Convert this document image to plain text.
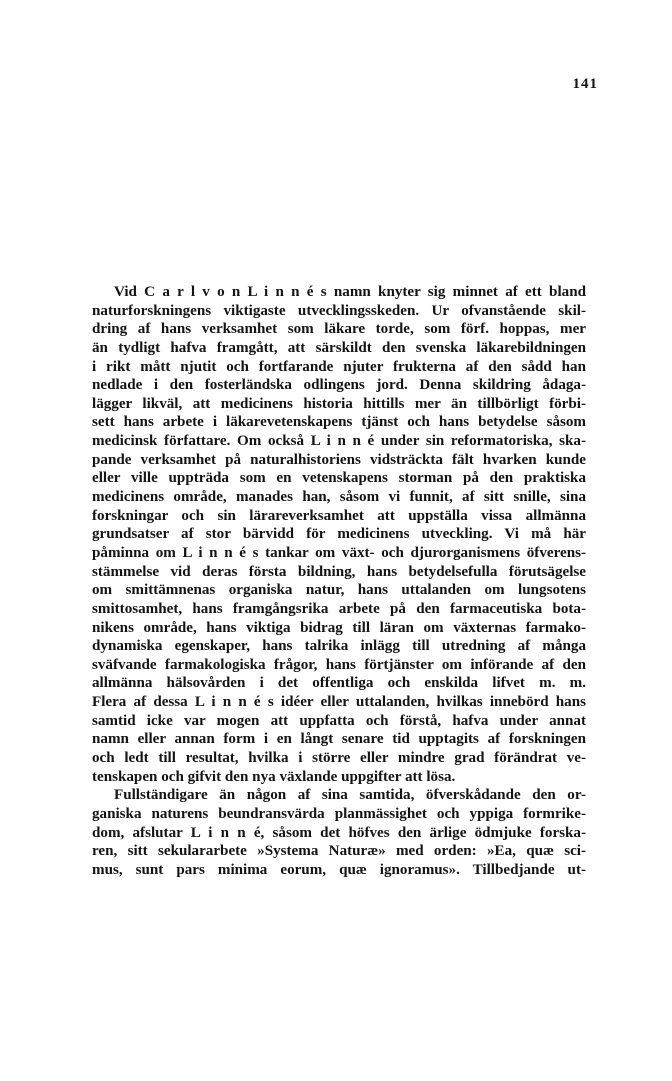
141
Vid C a r l v o n L i n n é s namn knyter sig minnet af ett bland
naturforskningens viktigaste utvecklingsskeden. Ur ofvanstående skil-
dring af hans verksamhet som läkare torde, som förf. hoppas, mer
än tydligt hafva framgått, att särskildt den svenska läkarebildningen
i rikt mått njutit och fortfarande njuter frukterna af den sådd han
nedlade i den fosterländska odlingens jord. Denna skildring ådaga-
lägger likväl, att medicinens historia hittills mer än tillbörligt förbi-
sett hans arbete i läkarevetenskapens tjänst och hans betydelse såsom
medicinsk författare. Om också L i n n é under sin reformatoriska, ska-
pande verksamhet på naturalhistoriens vidsträckta fält hvarken kunde
eller ville uppträda som en vetenskapens storman på den praktiska
medicinens område, manades han, såsom vi funnit, af sitt snille, sina
forskningar och sin lärareverksamhet att uppställa vissa allmänna
grundsatser af stor bärvidd för medicinens utveckling. Vi må här
påminna om L i n n é s tankar om växt- och djurorganismens öfverens-
stämmelse vid deras första bildning, hans betydelsefulla förutsägelse
om smittämnenas organiska natur, hans uttalanden om lungsotens
smittosamhet, hans framgångsrika arbete på den farmaceutiska bota-
nikens område, hans viktiga bidrag till läran om växternas farmako-
dynamiska egenskaper, hans talrika inlägg till utredning af många
sväfvande farmakologiska frågor, hans förtjänster om införande af den
allmänna hälsovården i det offentliga och enskilda lifvet m. m.
Flera af dessa L i n n é s idéer eller uttalanden, hvilkas innebörd hans
samtid icke var mogen att uppfatta och förstå, hafva under annat
namn eller annan form i en långt senare tid upptagits af forskningen
och ledt till resultat, hvilka i större eller mindre grad förändrat ve-
tenskapen och gifvit den nya växlande uppgifter att lösa.
Fullständigare än någon af sina samtida, öfverskådande den or-
ganiska naturens beundransvärda planmässighet och yppiga formrike-
dom, afslutar L i n n é, såsom det höfves den ärlige ödmjuke forska-
ren, sitt sekulararbete »Systema Naturæ» med orden: »Ea, quæ sci-
mus, sunt pars minima eorum, quæ ignoramus». Tillbedjande ut-
